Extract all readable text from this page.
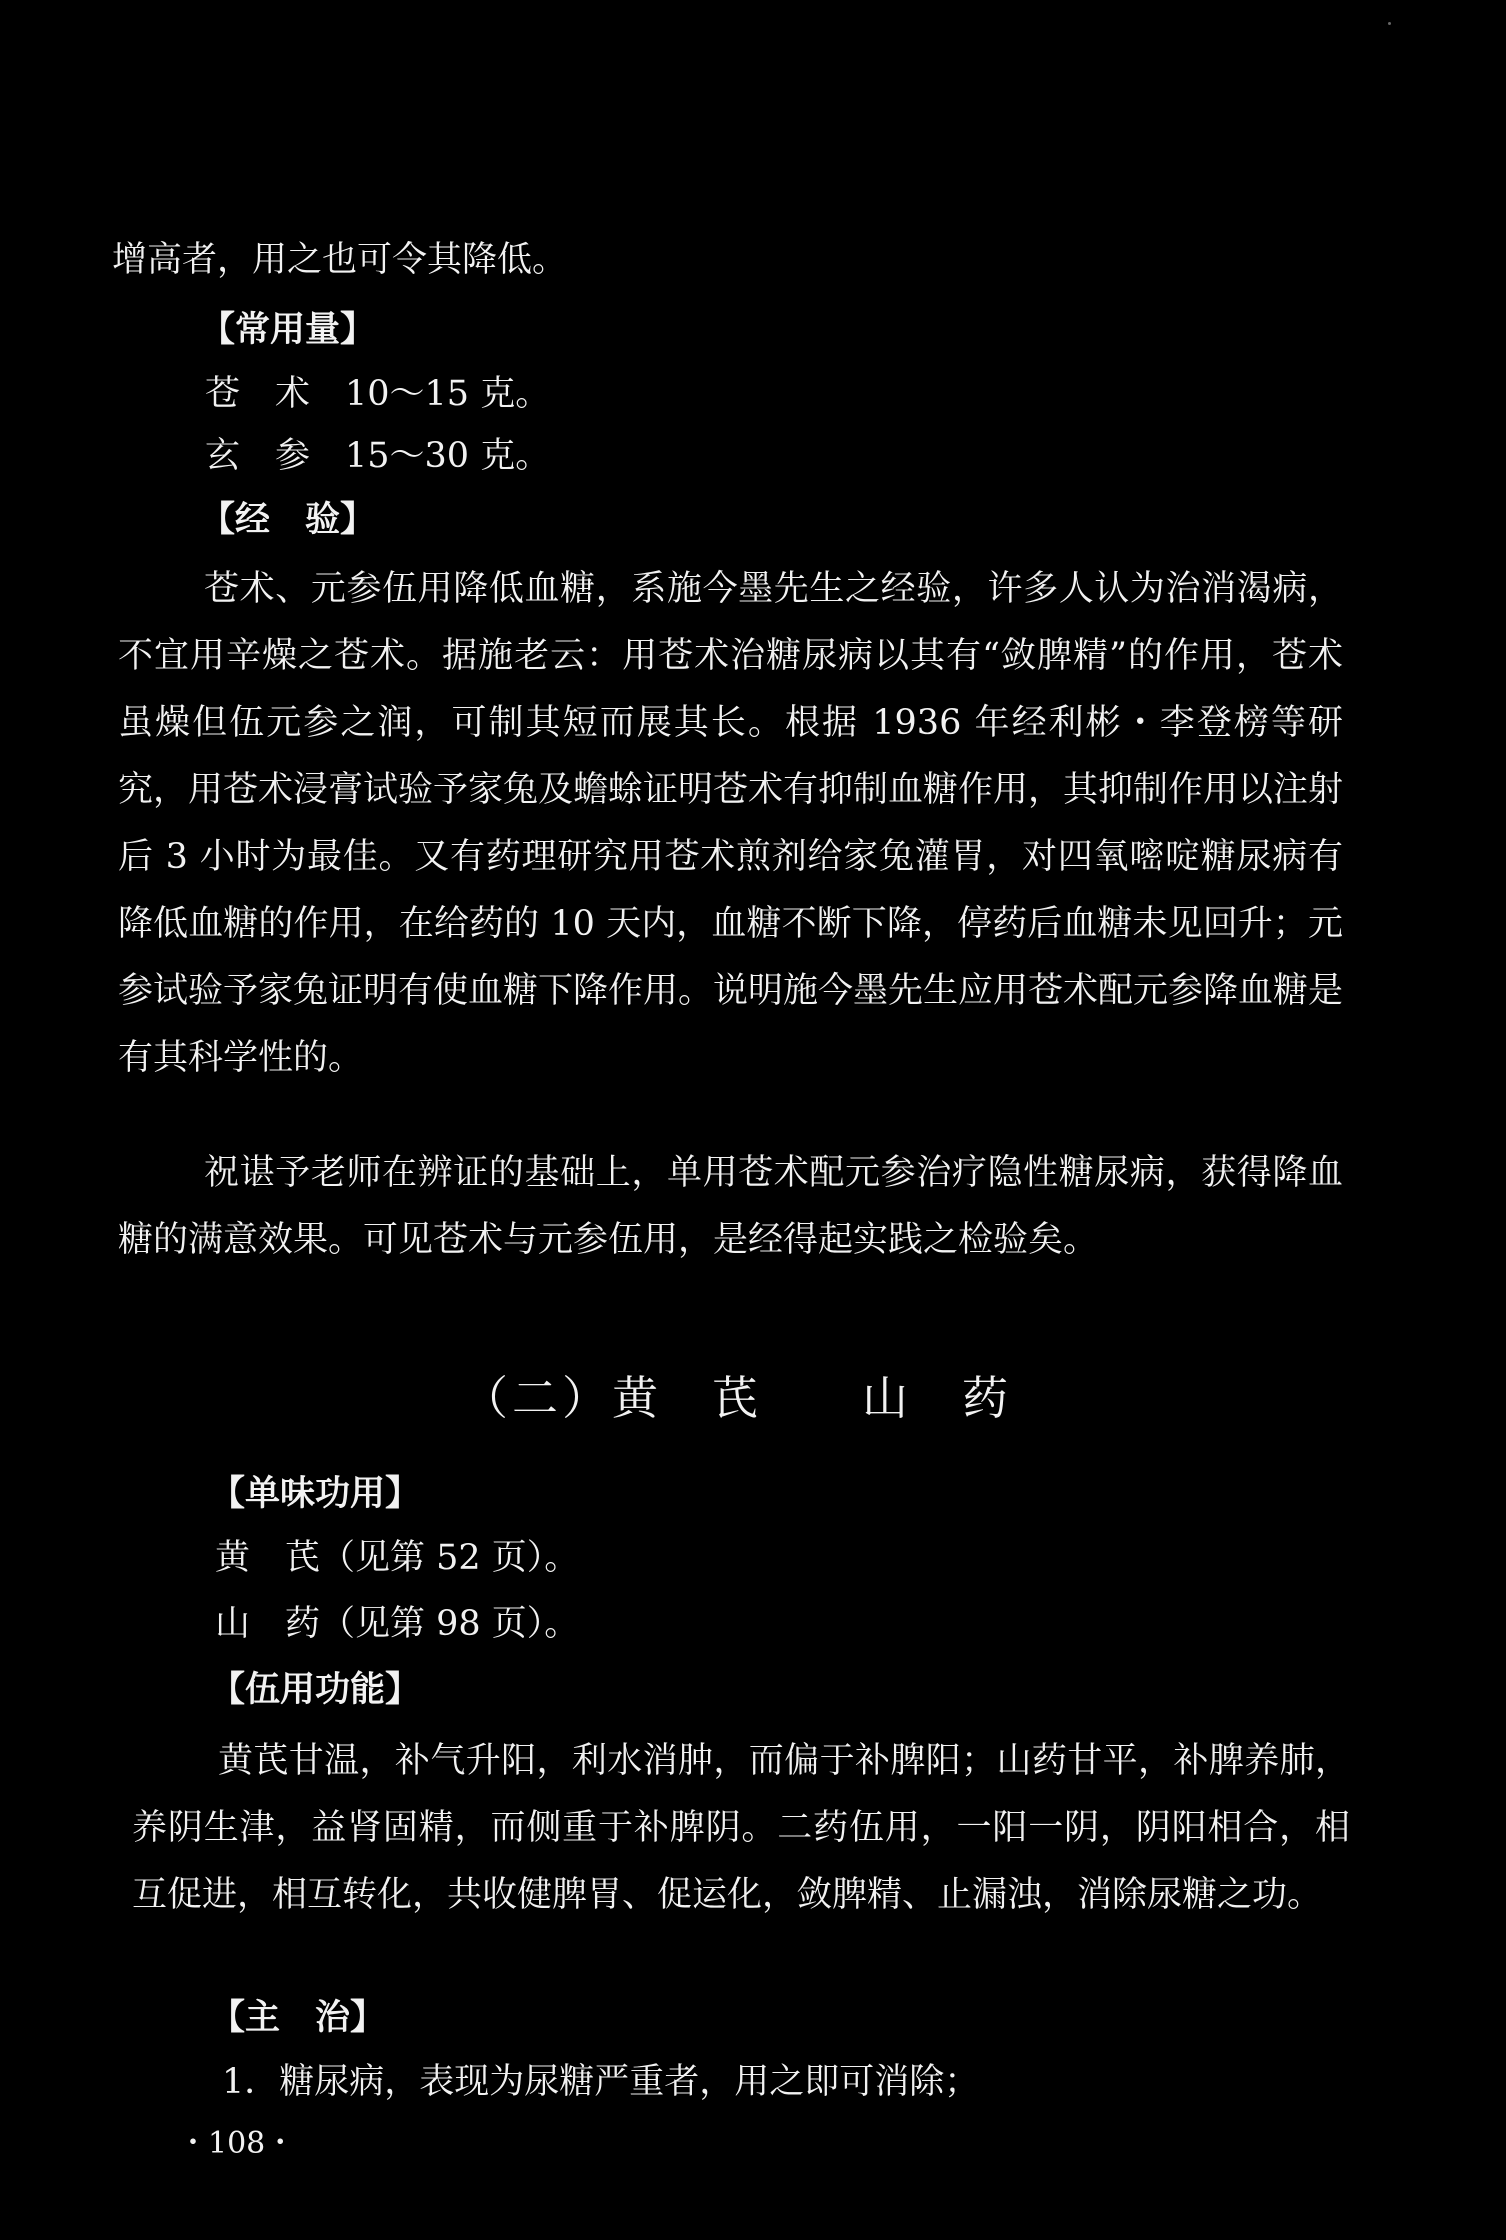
增高者，用之也可令其降低。
【常用量】
苍　术　10～15 克。
玄　参　15～30 克。
【经　验】
苍术、元参伍用降低血糖，系施今墨先生之经验，许多人认为治消渴病，不宜用辛燥之苍术。据施老云：用苍术治糖尿病以其有“敛脾精”的作用，苍术虽燥但伍元参之润，可制其短而展其长。根据 1936 年经利彬・李登榜等研究，用苍术浸膏试验予家兔及蟾蜍证明苍术有抑制血糖作用，其抑制作用以注射后 3 小时为最佳。又有药理研究用苍术煎剂给家兔灌胃，对四氧嘧啶糖尿病有降低血糖的作用，在给药的 10 天内，血糖不断下降，停药后血糖未见回升；元参试验予家兔证明有使血糖下降作用。说明施今墨先生应用苍术配元参降血糖是有其科学性的。
祝谌予老师在辨证的基础上，单用苍术配元参治疗隐性糖尿病，获得降血糖的满意效果。可见苍术与元参伍用，是经得起实践之检验矣。
（二）黄　芪　　山　药
【单味功用】
黄　芪（见第 52 页）。
山　药（见第 98 页）。
【伍用功能】
黄芪甘温，补气升阳，利水消肿，而偏于补脾阳；山药甘平，补脾养肺，养阴生津，益肾固精，而侧重于补脾阴。二药伍用，一阳一阴，阴阳相合，相互促进，相互转化，共收健脾胃、促运化，敛脾精、止漏浊，消除尿糖之功。
【主　治】
1．糖尿病，表现为尿糖严重者，用之即可消除；
・108・
